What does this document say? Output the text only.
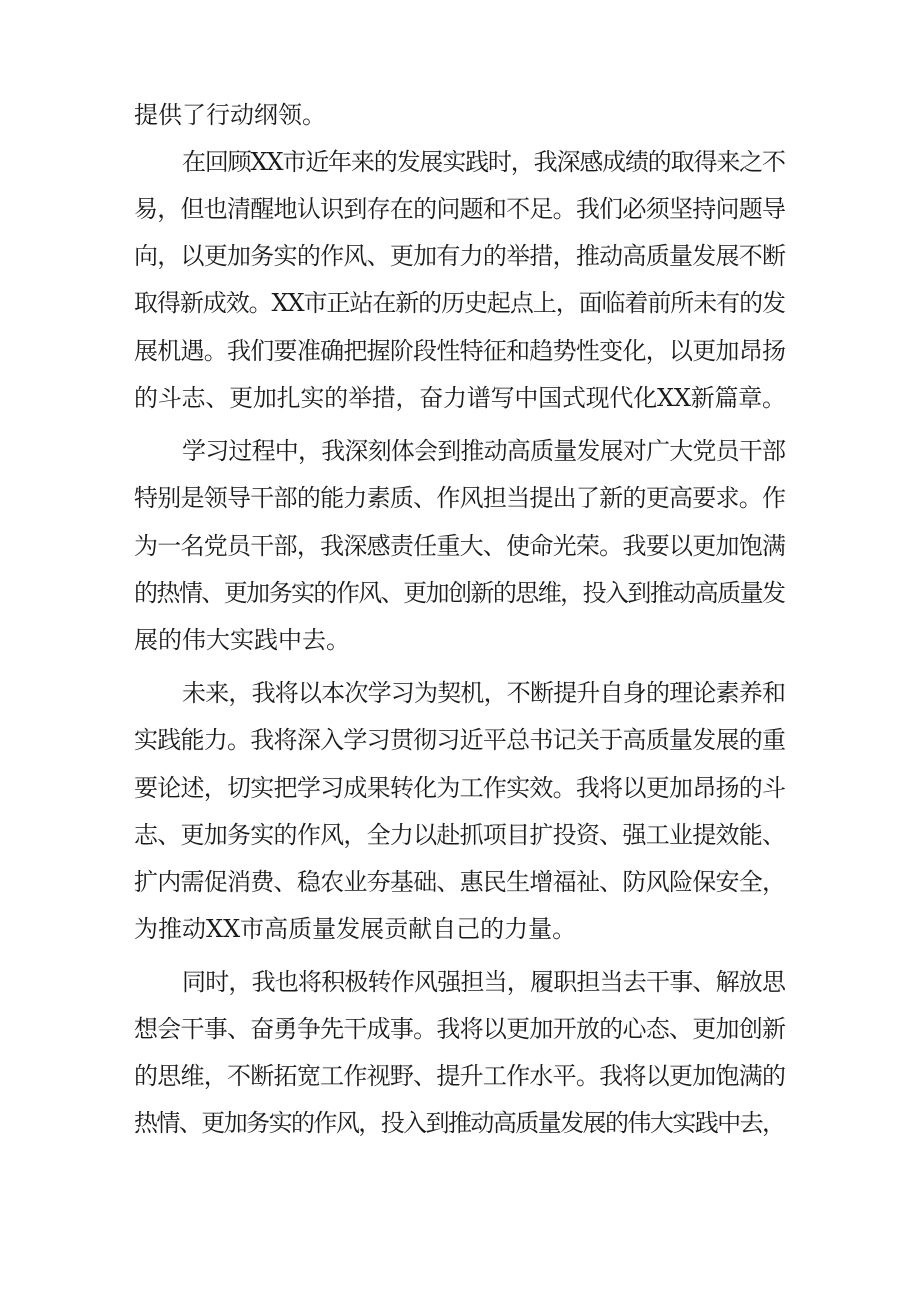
提供了行动纲领。
在回顾XX市近年来的发展实践时，我深感成绩的取得来之不
易，但也清醒地认识到存在的问题和不足。我们必须坚持问题导
向，以更加务实的作风、更加有力的举措，推动高质量发展不断
取得新成效。XX市正站在新的历史起点上，面临着前所未有的发
展机遇。我们要准确把握阶段性特征和趋势性变化，以更加昂扬
的斗志、更加扎实的举措，奋力谱写中国式现代化XX新篇章。
学习过程中，我深刻体会到推动高质量发展对广大党员干部
特别是领导干部的能力素质、作风担当提出了新的更高要求。作
为一名党员干部，我深感责任重大、使命光荣。我要以更加饱满
的热情、更加务实的作风、更加创新的思维，投入到推动高质量发
展的伟大实践中去。
未来，我将以本次学习为契机，不断提升自身的理论素养和
实践能力。我将深入学习贯彻习近平总书记关于高质量发展的重
要论述，切实把学习成果转化为工作实效。我将以更加昂扬的斗
志、更加务实的作风，全力以赴抓项目扩投资、强工业提效能、
扩内需促消费、稳农业夯基础、惠民生增福祉、防风险保安全，
为推动XX市高质量发展贡献自己的力量。
同时，我也将积极转作风强担当，履职担当去干事、解放思
想会干事、奋勇争先干成事。我将以更加开放的心态、更加创新
的思维，不断拓宽工作视野、提升工作水平。我将以更加饱满的
热情、更加务实的作风，投入到推动高质量发展的伟大实践中去，
